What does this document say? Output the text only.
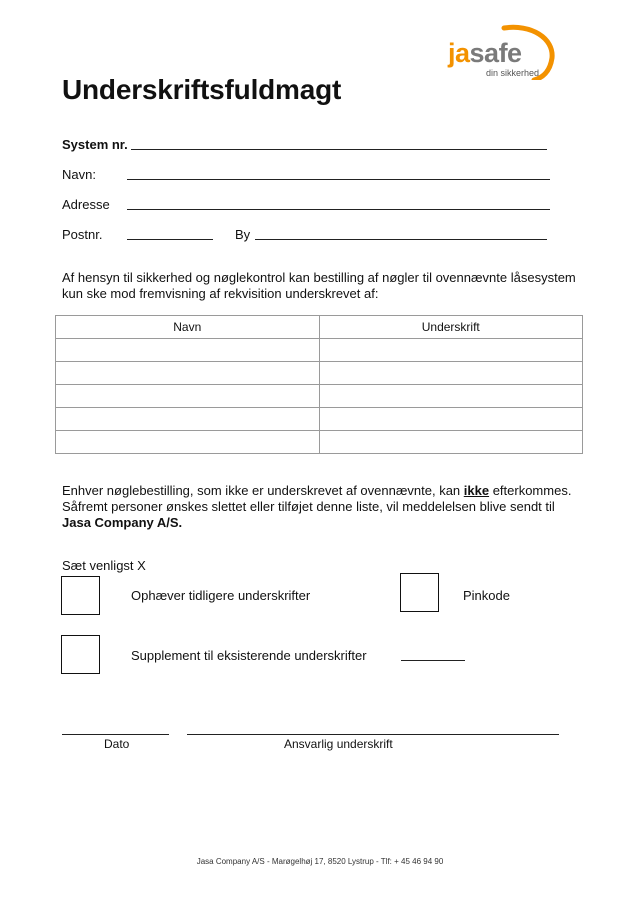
jasafe
din sikkerhed
Underskriftsfuldmagt
System nr.
Navn:
Adresse
Postnr.	By
Af hensyn til sikkerhed og nøglekontrol kan bestilling af nøgler til ovennævnte låsesystem kun ske mod fremvisning af rekvisition underskrevet af:
Navn	Underskrift

Enhver nøglebestilling, som ikke er underskrevet af ovennævnte, kan ikke efterkommes. Såfremt personer ønskes slettet eller tilføjet denne liste, vil meddelelsen blive sendt til Jasa Company A/S.
Sæt venligst X
Ophæver tidligere underskrifter	Pinkode
Supplement til eksisterende underskrifter
Dato	Ansvarlig underskrift
Jasa Company A/S - Marøgelhøj 17, 8520 Lystrup - Tlf: + 45 46 94 90
